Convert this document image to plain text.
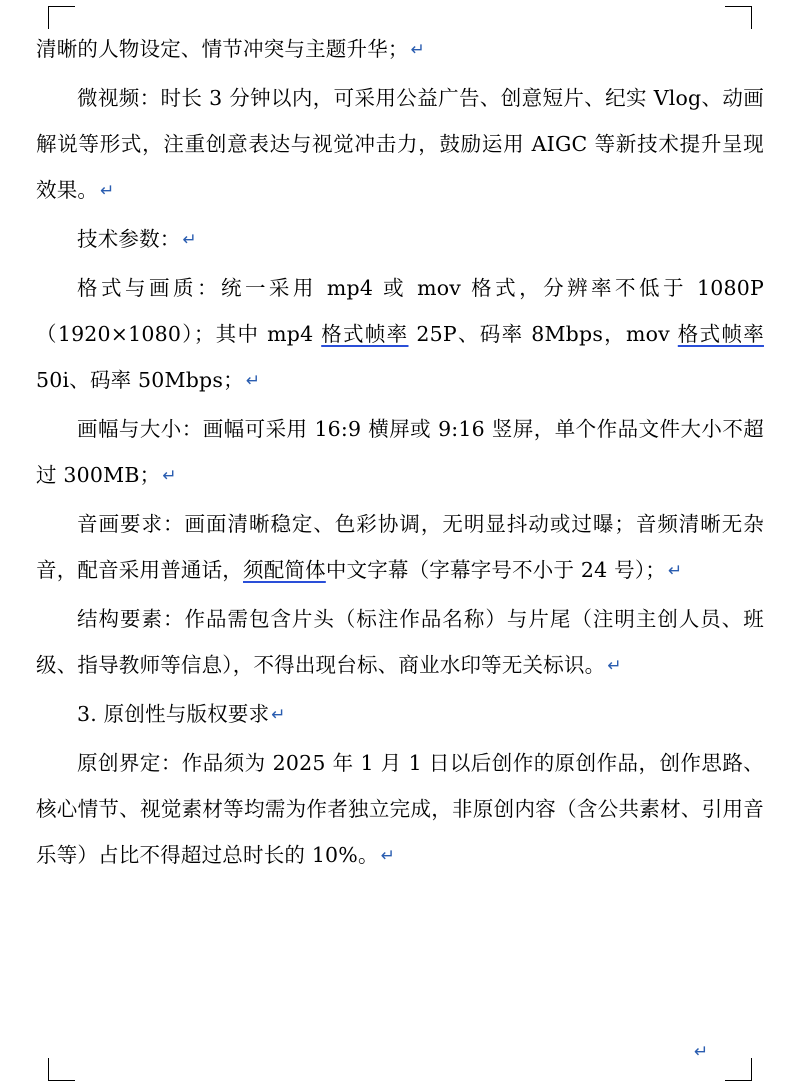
清晰的人物设定、情节冲突与主题升华； ↵

微视频：时长 3 分钟以内，可采用公益广告、创意短片、纪实 Vlog、动画解说等形式，注重创意表达与视觉冲击力，鼓励运用 AIGC 等新技术提升呈现效果。 ↵

技术参数： ↵

格式与画质：统一采用 mp4 或 mov 格式，分辨率不低于 1080P（1920×1080）；其中 mp4 格式帧率 25P、码率 8Mbps，mov 格式帧率 50i、码率 50Mbps； ↵

画幅与大小：画幅可采用 16:9 横屏或 9:16 竖屏，单个作品文件大小不超过 300MB； ↵

音画要求：画面清晰稳定、色彩协调，无明显抖动或过曝；音频清晰无杂音，配音采用普通话，须配简体中文字幕（字幕字号不小于 24 号）； ↵

结构要素：作品需包含片头（标注作品名称）与片尾（注明主创人员、班级、指导教师等信息），不得出现台标、商业水印等无关标识。 ↵

3. 原创性与版权要求 ↵

原创界定：作品须为 2025 年 1 月 1 日以后创作的原创作品，创作思路、核心情节、视觉素材等均需为作者独立完成，非原创内容（含公共素材、引用音乐等）占比不得超过总时长的 10%。 ↵

↵
